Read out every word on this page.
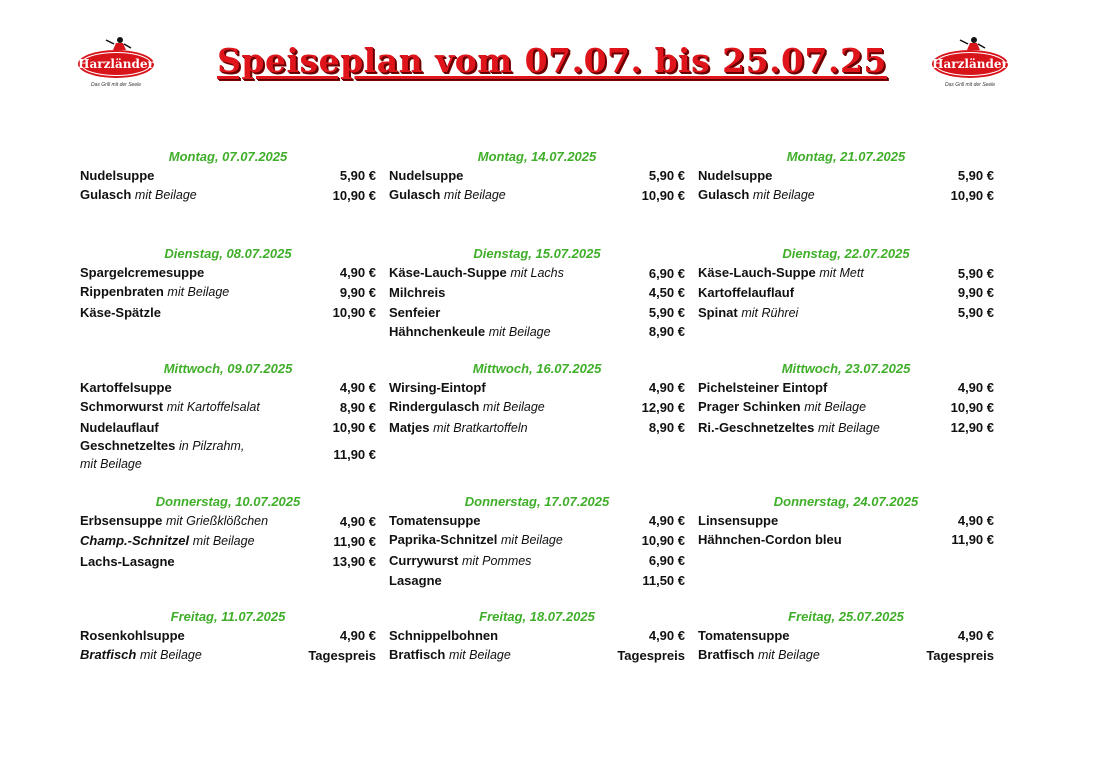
Harzländer
Das Grill mit der Seele
Harzländer
Das Grill mit der Seele
Speiseplan vom 07.07. bis 25.07.25
Montag, 07.07.2025
Nudelsuppe	5,90 €
Gulasch mit Beilage	10,90 €
Montag, 14.07.2025
Nudelsuppe	5,90 €
Gulasch mit Beilage	10,90 €
Montag, 21.07.2025
Nudelsuppe	5,90 €
Gulasch mit Beilage	10,90 €
Dienstag, 08.07.2025
Spargelcremesuppe	4,90 €
Rippenbraten mit Beilage	9,90 €
Käse-Spätzle	10,90 €
Dienstag, 15.07.2025
Käse-Lauch-Suppe mit Lachs	6,90 €
Milchreis	4,50 €
Senfeier	5,90 €
Hähnchenkeule mit Beilage	8,90 €
Dienstag, 22.07.2025
Käse-Lauch-Suppe mit Mett	5,90 €
Kartoffelauflauf	9,90 €
Spinat mit Rührei	5,90 €
Mittwoch, 09.07.2025
Kartoffelsuppe	4,90 €
Schmorwurst mit Kartoffelsalat	8,90 €
Nudelauflauf	10,90 €
Geschnetzeltes in Pilzrahm,
mit Beilage
11,90 €
Mittwoch, 16.07.2025
Wirsing-Eintopf	4,90 €
Rindergulasch mit Beilage	12,90 €
Matjes mit Bratkartoffeln	8,90 €
Mittwoch, 23.07.2025
Pichelsteiner Eintopf	4,90 €
Prager Schinken mit Beilage	10,90 €
Ri.-Geschnetzeltes mit Beilage	12,90 €
Donnerstag, 10.07.2025
Erbsensuppe mit Grießklößchen	4,90 €
Champ.-Schnitzel mit Beilage	11,90 €
Lachs-Lasagne	13,90 €
Donnerstag, 17.07.2025
Tomatensuppe	4,90 €
Paprika-Schnitzel mit Beilage	10,90 €
Currywurst mit Pommes	6,90 €
Lasagne	11,50 €
Donnerstag, 24.07.2025
Linsensuppe	4,90 €
Hähnchen-Cordon bleu	11,90 €
Freitag, 11.07.2025
Rosenkohlsuppe	4,90 €
Bratfisch mit Beilage	Tagespreis
Freitag, 18.07.2025
Schnippelbohnen	4,90 €
Bratfisch mit Beilage	Tagespreis
Freitag, 25.07.2025
Tomatensuppe	4,90 €
Bratfisch mit Beilage	Tagespreis
